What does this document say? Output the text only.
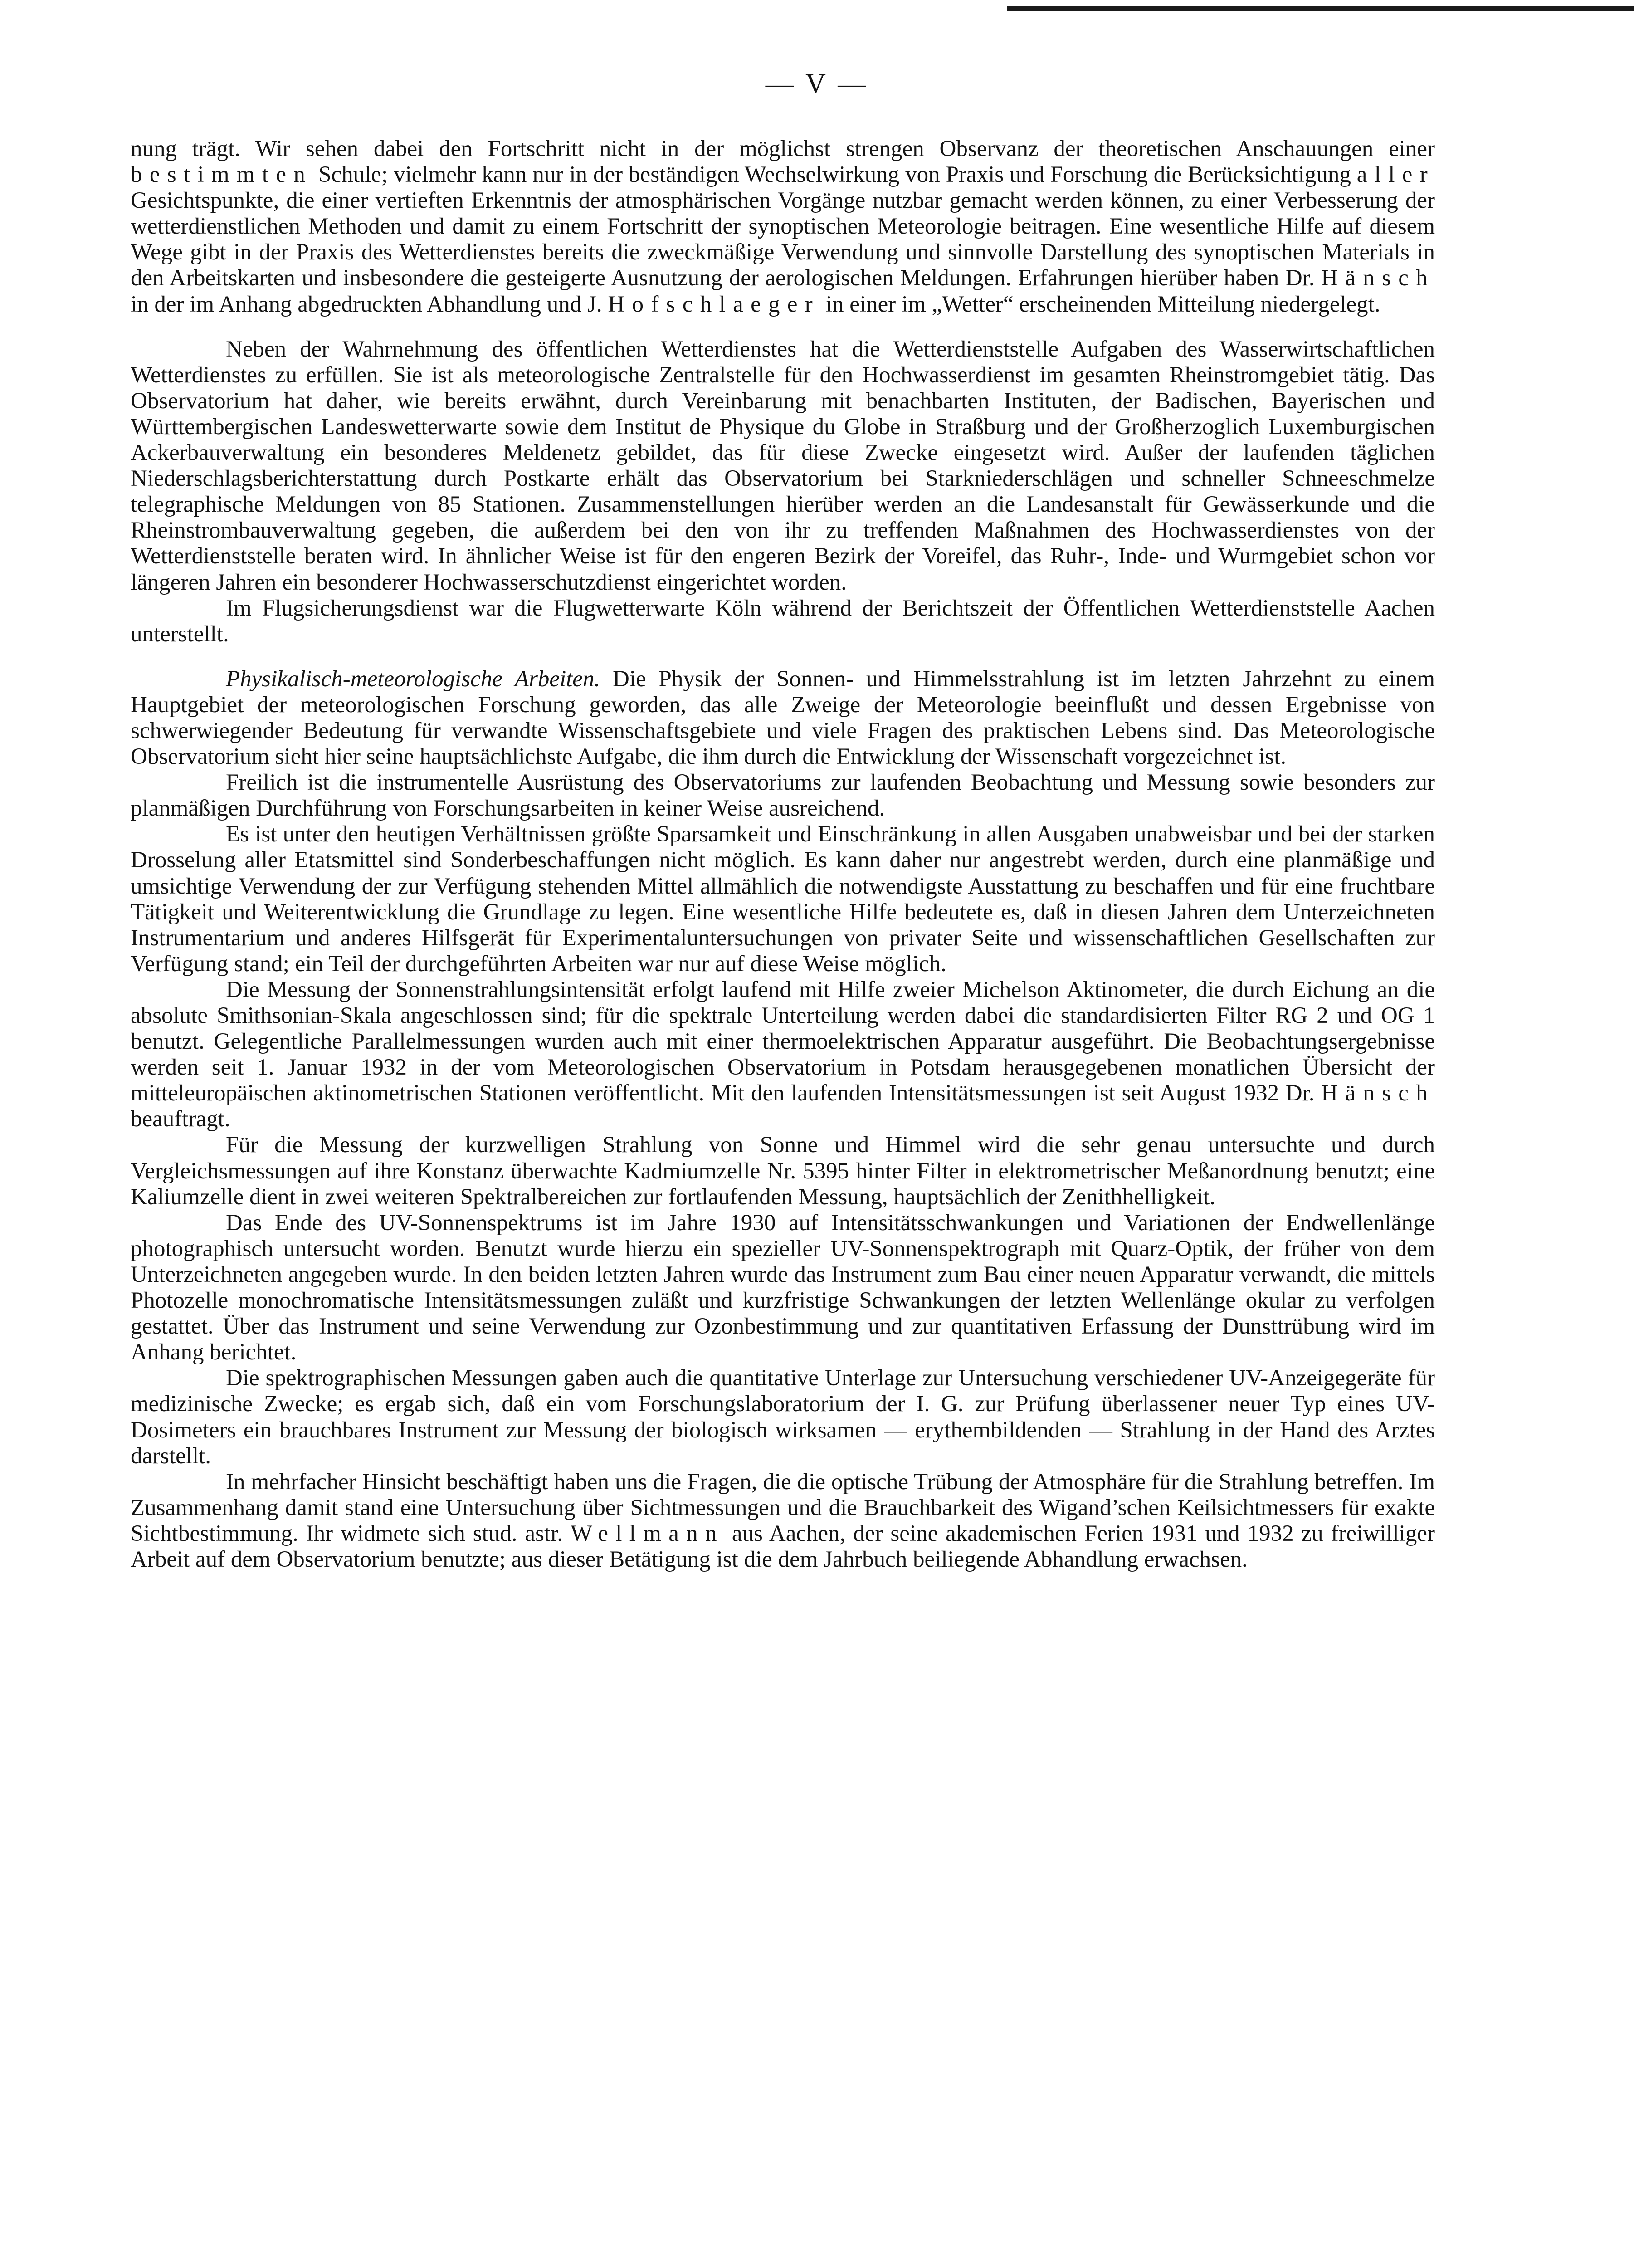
— V —

nung trägt. Wir sehen dabei den Fortschritt nicht in der möglichst strengen Observanz der theoretischen Anschauungen einer bestimmten Schule; vielmehr kann nur in der beständigen Wechselwirkung von Praxis und Forschung die Berücksichtigung aller Gesichtspunkte, die einer vertieften Erkenntnis der atmosphärischen Vorgänge nutzbar gemacht werden können, zu einer Verbesserung der wetterdienstlichen Methoden und damit zu einem Fortschritt der synoptischen Meteorologie beitragen. Eine wesentliche Hilfe auf diesem Wege gibt in der Praxis des Wetterdienstes bereits die zweckmäßige Verwendung und sinnvolle Darstellung des synoptischen Materials in den Arbeitskarten und insbesondere die gesteigerte Ausnutzung der aerologischen Meldungen. Erfahrungen hierüber haben Dr. Hänsch in der im Anhang abgedruckten Abhandlung und J. Hofschlaeger in einer im „Wetter“ erscheinenden Mitteilung niedergelegt.

Neben der Wahrnehmung des öffentlichen Wetterdienstes hat die Wetterdienststelle Aufgaben des Wasserwirtschaftlichen Wetterdienstes zu erfüllen. Sie ist als meteorologische Zentralstelle für den Hochwasserdienst im gesamten Rheinstromgebiet tätig. Das Observatorium hat daher, wie bereits erwähnt, durch Vereinbarung mit benachbarten Instituten, der Badischen, Bayerischen und Württembergischen Landeswetterwarte sowie dem Institut de Physique du Globe in Straßburg und der Großherzoglich Luxemburgischen Ackerbauverwaltung ein besonderes Meldenetz gebildet, das für diese Zwecke eingesetzt wird. Außer der laufenden täglichen Niederschlagsberichterstattung durch Postkarte erhält das Observatorium bei Starkniederschlägen und schneller Schneeschmelze telegraphische Meldungen von 85 Stationen. Zusammenstellungen hierüber werden an die Landesanstalt für Gewässerkunde und die Rheinstrombauverwaltung gegeben, die außerdem bei den von ihr zu treffenden Maßnahmen des Hochwasserdienstes von der Wetterdienststelle beraten wird. In ähnlicher Weise ist für den engeren Bezirk der Voreifel, das Ruhr-, Inde- und Wurmgebiet schon vor längeren Jahren ein besonderer Hochwasserschutzdienst eingerichtet worden.

Im Flugsicherungsdienst war die Flugwetterwarte Köln während der Berichtszeit der Öffentlichen Wetterdienststelle Aachen unterstellt.

Physikalisch-meteorologische Arbeiten. Die Physik der Sonnen- und Himmelsstrahlung ist im letzten Jahrzehnt zu einem Hauptgebiet der meteorologischen Forschung geworden, das alle Zweige der Meteorologie beeinflußt und dessen Ergebnisse von schwerwiegender Bedeutung für verwandte Wissenschaftsgebiete und viele Fragen des praktischen Lebens sind. Das Meteorologische Observatorium sieht hier seine hauptsächlichste Aufgabe, die ihm durch die Entwicklung der Wissenschaft vorgezeichnet ist.

Freilich ist die instrumentelle Ausrüstung des Observatoriums zur laufenden Beobachtung und Messung sowie besonders zur planmäßigen Durchführung von Forschungsarbeiten in keiner Weise ausreichend.

Es ist unter den heutigen Verhältnissen größte Sparsamkeit und Einschränkung in allen Ausgaben unabweisbar und bei der starken Drosselung aller Etatsmittel sind Sonderbeschaffungen nicht möglich. Es kann daher nur angestrebt werden, durch eine planmäßige und umsichtige Verwendung der zur Verfügung stehenden Mittel allmählich die notwendigste Ausstattung zu beschaffen und für eine fruchtbare Tätigkeit und Weiterentwicklung die Grundlage zu legen. Eine wesentliche Hilfe bedeutete es, daß in diesen Jahren dem Unterzeichneten Instrumentarium und anderes Hilfsgerät für Experimentaluntersuchungen von privater Seite und wissenschaftlichen Gesellschaften zur Verfügung stand; ein Teil der durchgeführten Arbeiten war nur auf diese Weise möglich.

Die Messung der Sonnenstrahlungsintensität erfolgt laufend mit Hilfe zweier Michelson Aktinometer, die durch Eichung an die absolute Smithsonian-Skala angeschlossen sind; für die spektrale Unterteilung werden dabei die standardisierten Filter RG 2 und OG 1 benutzt. Gelegentliche Parallelmessungen wurden auch mit einer thermoelektrischen Apparatur ausgeführt. Die Beobachtungsergebnisse werden seit 1. Januar 1932 in der vom Meteorologischen Observatorium in Potsdam herausgegebenen monatlichen Übersicht der mitteleuropäischen aktinometrischen Stationen veröffentlicht. Mit den laufenden Intensitätsmessungen ist seit August 1932 Dr. Hänsch beauftragt.

Für die Messung der kurzwelligen Strahlung von Sonne und Himmel wird die sehr genau untersuchte und durch Vergleichsmessungen auf ihre Konstanz überwachte Kadmiumzelle Nr. 5395 hinter Filter in elektrometrischer Meßanordnung benutzt; eine Kaliumzelle dient in zwei weiteren Spektralbereichen zur fortlaufenden Messung, hauptsächlich der Zenithhelligkeit.

Das Ende des UV-Sonnenspektrums ist im Jahre 1930 auf Intensitätsschwankungen und Variationen der Endwellenlänge photographisch untersucht worden. Benutzt wurde hierzu ein spezieller UV-Sonnenspektrograph mit Quarz-Optik, der früher von dem Unterzeichneten angegeben wurde. In den beiden letzten Jahren wurde das Instrument zum Bau einer neuen Apparatur verwandt, die mittels Photozelle monochromatische Intensitätsmessungen zuläßt und kurzfristige Schwankungen der letzten Wellenlänge okular zu verfolgen gestattet. Über das Instrument und seine Verwendung zur Ozonbestimmung und zur quantitativen Erfassung der Dunsttrübung wird im Anhang berichtet.

Die spektrographischen Messungen gaben auch die quantitative Unterlage zur Untersuchung verschiedener UV-Anzeigegeräte für medizinische Zwecke; es ergab sich, daß ein vom Forschungslaboratorium der I. G. zur Prüfung überlassener neuer Typ eines UV-Dosimeters ein brauchbares Instrument zur Messung der biologisch wirksamen — erythembildenden — Strahlung in der Hand des Arztes darstellt.

In mehrfacher Hinsicht beschäftigt haben uns die Fragen, die die optische Trübung der Atmosphäre für die Strahlung betreffen. Im Zusammenhang damit stand eine Untersuchung über Sichtmessungen und die Brauchbarkeit des Wigand’schen Keilsichtmessers für exakte Sichtbestimmung. Ihr widmete sich stud. astr. Wellmann aus Aachen, der seine akademischen Ferien 1931 und 1932 zu freiwilliger Arbeit auf dem Observatorium benutzte; aus dieser Betätigung ist die dem Jahrbuch beiliegende Abhandlung erwachsen.
